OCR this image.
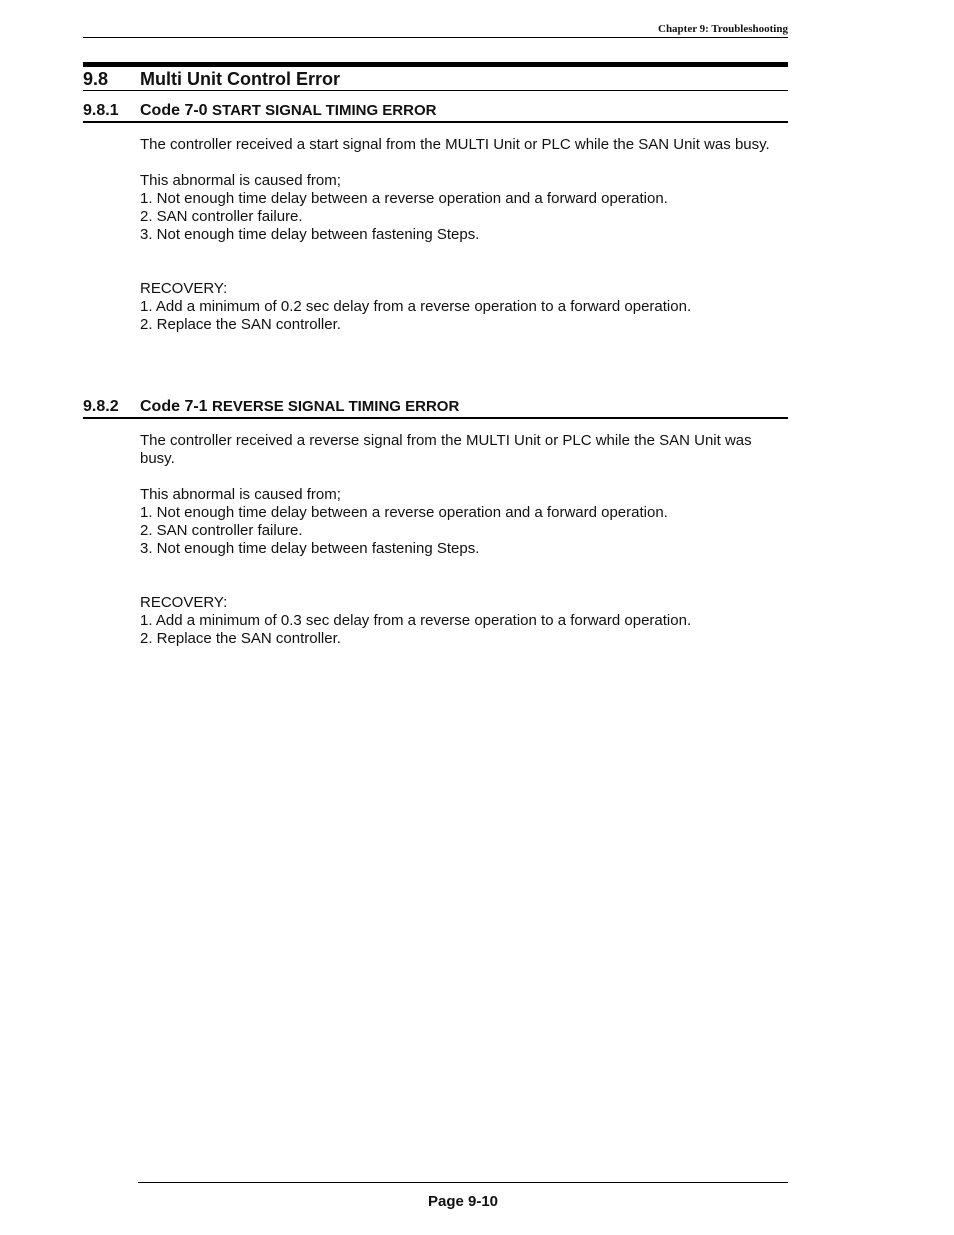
Chapter 9: Troubleshooting
9.8	Multi Unit Control Error
9.8.1	Code 7-0 START SIGNAL TIMING ERROR

The controller received a start signal from the MULTI Unit or PLC while the SAN Unit was busy.

This abnormal is caused from;

1. Not enough time delay between a reverse operation and a forward operation.

2. SAN controller failure.

3. Not enough time delay between fastening Steps.

RECOVERY:

1. Add a minimum of 0.2 sec delay from a reverse operation to a forward operation.

2. Replace the SAN controller.

9.8.2	Code 7-1 REVERSE SIGNAL TIMING ERROR

The controller received a reverse signal from the MULTI Unit or PLC while the SAN Unit was busy.

This abnormal is caused from;

1. Not enough time delay between a reverse operation and a forward operation.

2. SAN controller failure.

3. Not enough time delay between fastening Steps.

RECOVERY:

1. Add a minimum of 0.3 sec delay from a reverse operation to a forward operation.

2. Replace the SAN controller.

Page 9-10
